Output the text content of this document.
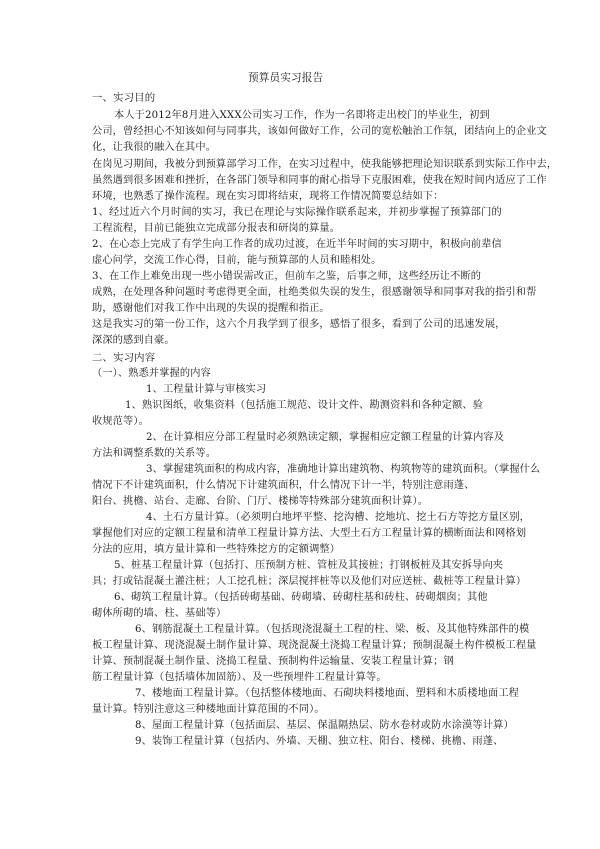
预算员实习报告
一、实习目的
本人于2012年8月进入XXX公司实习工作，作为一名即将走出校门的毕业生，初到
公司，曾经担心不知该如何与同事共，该如何做好工作，公司的宽松触治工作氛，团结向上的企业文
化，让我很的融入在其中。
在岗见习期间，我被分到预算部学习工作，在实习过程中，使我能够把理论知识联系到实际工作中去，
虽然遇到很多困难和挫折，在各部门领导和同事的耐心指导下克服困难，使我在短时间内适应了工作
环境，也熟悉了操作流程。现在实习即将结束，现将工作情况简要总结如下：
1、经过近六个月时间的实习，我已在理论与实际操作联系起来，并初步掌握了预算部门的
工程流程，目前已能独立完成部分报表和研岗的算量。
2、在心态上完成了有学生向工作者的成功过渡，在近半年时间的实习期中，积极向前辈信
虚心问学，交流工作心得，目前，能与预算部的人员和睦相处。
3、在工作上难免出现一些小错误需改正，但前车之鉴，后事之师，这些经历让不断的
成熟，在处理各种问题时考虑得更全面，杜绝类似失误的发生，很感谢领导和同事对我的指引和帮
助，感谢他们对我工作中出现的失误的提醒和指正。
这是我实习的第一份工作，这六个月我学到了很多，感悟了很多，看到了公司的迅速发展，
深深的感到自豪。
二、实习内容
（一）、熟悉并掌握的内容
1、工程量计算与审核实习
1、熟识图纸，收集资料（包括施工规范、设计文件、勘测资料和各种定额、验
收规范等）。
2、在计算相应分部工程量时必须熟读定额，掌握相应定额工程量的计算内容及
方法和调整系数的关系等。
3、掌握建筑面积的构成内容，准确地计算出建筑物、构筑物等的建筑面积。（掌握什么
情况下不计建筑面积，什么情况下计建筑面积，什么情况下计一半，特别注意雨蓬、
阳台、挑檐、站台、走廊、台阶、门厅、楼梯等特殊部分建筑面积计算）。
4、土石方量计算。（必须明白地坪平整、挖沟槽、挖地坑、挖土石方等挖方量区别，
掌握他们对应的定额工程量和清单工程量计算方法、大型土石方工程量计算的横断面法和网格划
分法的应用，填方量计算和一些特殊挖方的定额调整）
5、桩基工程量计算（包括打、压预制方桩、管桩及其接桩；打钢板桩及其安拆导向夹
具；打或钻混凝土灌注桩；人工挖孔桩；深层搅拌桩等以及他们对应送桩、截桩等工程量计算）
6、砌筑工程量计算。（包括砖砌基础、砖砌墙、砖砌柱基和砖柱、砖砌烟囱；其他
砌体所砌的墙、柱、基础等）
6、钢筋混凝土工程量计算。（包括现浇混凝土工程的柱、梁、板、及其他特殊部件的模
板工程量计算、现浇混凝土制作量计算、现浇混凝土浇捣工程量计算；预制混凝土构件模板工程量
计算、预制混凝土制作量、浇捣工程量、预制构件运输量、安装工程量计算；钢
筋工程量计算（包括墙体加固筋）、及一些预埋件工程量计算等。
7、楼地面工程量计算。（包括整体楼地面、石砌块料楼地面、塑料和木质楼地面工程
量计算。特别注意这三种楼地面计算范围的不同）。
8、屋面工程量计算（包括面层、基层、保温隔热层、防水卷材或防水涂漠等计算）
9、装饰工程量计算（包括内、外墙、天棚、独立柱、阳台、楼梯、挑檐、雨蓬、
